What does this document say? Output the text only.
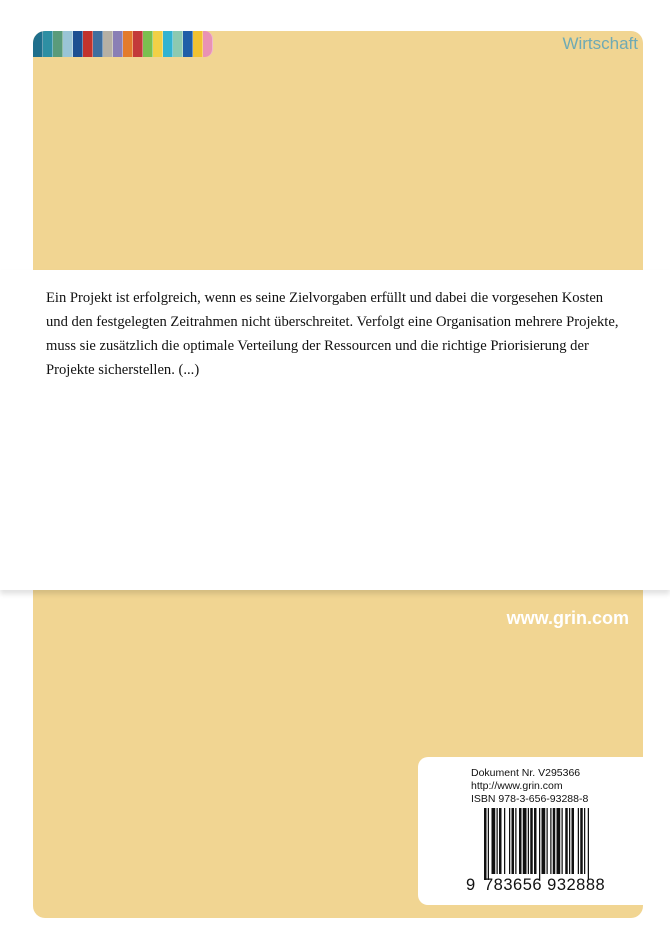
Wirtschaft

Ein Projekt ist erfolgreich, wenn es seine Zielvorgaben erfüllt und dabei die vorgesehen Kosten und den festgelegten Zeitrahmen nicht überschreitet. Verfolgt eine Organisation mehrere Projekte, muss sie zusätzlich die optimale Verteilung der Ressourcen und die richtige Priorisierung der Projekte sicherstellen. (...)

www.grin.com
Dokument Nr. V295366
http://www.grin.com
ISBN 978-3-656-93288-8
9 783656 932888
